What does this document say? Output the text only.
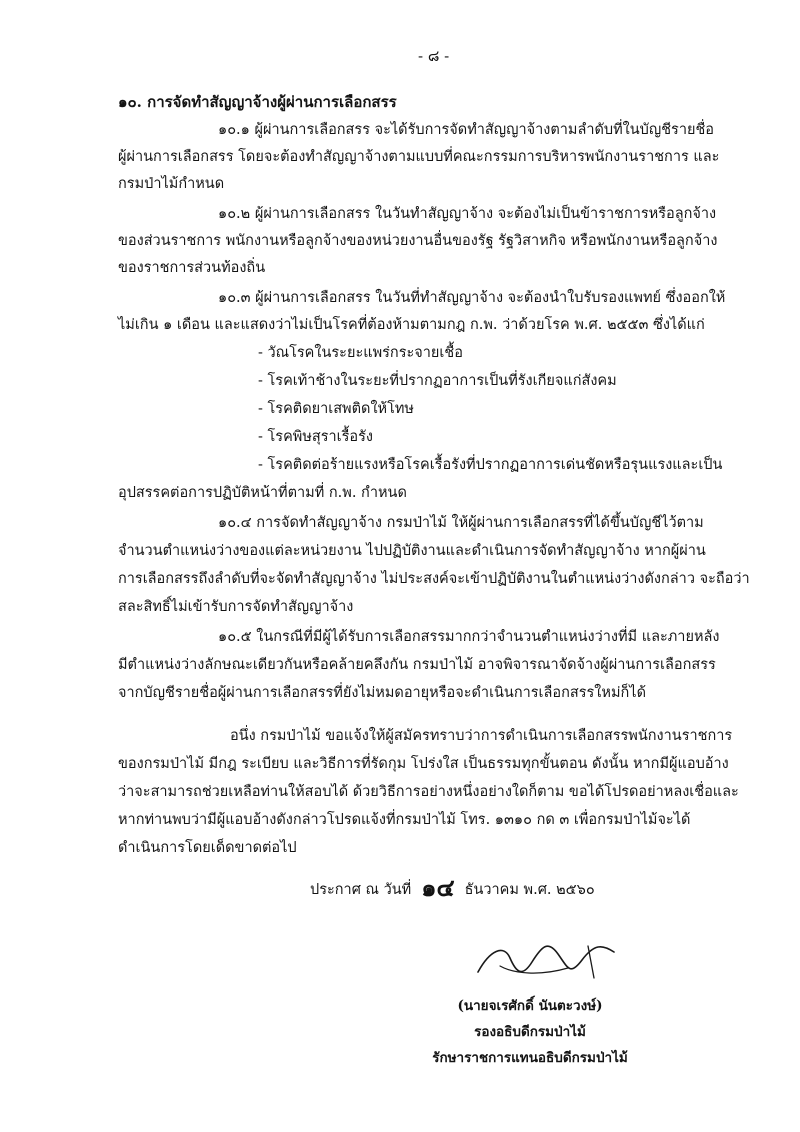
- ๘ -
๑๐. การจัดทำสัญญาจ้างผู้ผ่านการเลือกสรร
๑๐.๑ ผู้ผ่านการเลือกสรร จะได้รับการจัดทำสัญญาจ้างตามลำดับที่ในบัญชีรายชื่อ
ผู้ผ่านการเลือกสรร โดยจะต้องทำสัญญาจ้างตามแบบที่คณะกรรมการบริหารพนักงานราชการ และ
กรมป่าไม้กำหนด
๑๐.๒ ผู้ผ่านการเลือกสรร ในวันทำสัญญาจ้าง จะต้องไม่เป็นข้าราชการหรือลูกจ้าง
ของส่วนราชการ พนักงานหรือลูกจ้างของหน่วยงานอื่นของรัฐ รัฐวิสาหกิจ หรือพนักงานหรือลูกจ้าง
ของราชการส่วนท้องถิ่น
๑๐.๓ ผู้ผ่านการเลือกสรร ในวันที่ทำสัญญาจ้าง จะต้องนำใบรับรองแพทย์ ซึ่งออกให้
ไม่เกิน ๑ เดือน และแสดงว่าไม่เป็นโรคที่ต้องห้ามตามกฎ ก.พ. ว่าด้วยโรค พ.ศ. ๒๕๕๓ ซึ่งได้แก่
- วัณโรคในระยะแพร่กระจายเชื้อ
- โรคเท้าช้างในระยะที่ปรากฏอาการเป็นที่รังเกียจแก่สังคม
- โรคติดยาเสพติดให้โทษ
- โรคพิษสุราเรื้อรัง
- โรคติดต่อร้ายแรงหรือโรคเรื้อรังที่ปรากฏอาการเด่นชัดหรือรุนแรงและเป็น
อุปสรรคต่อการปฏิบัติหน้าที่ตามที่ ก.พ. กำหนด
๑๐.๔ การจัดทำสัญญาจ้าง กรมป่าไม้ ให้ผู้ผ่านการเลือกสรรที่ได้ขึ้นบัญชีไว้ตาม
จำนวนตำแหน่งว่างของแต่ละหน่วยงาน ไปปฏิบัติงานและดำเนินการจัดทำสัญญาจ้าง หากผู้ผ่าน
การเลือกสรรถึงลำดับที่จะจัดทำสัญญาจ้าง ไม่ประสงค์จะเข้าปฏิบัติงานในตำแหน่งว่างดังกล่าว จะถือว่า
สละสิทธิ์ไม่เข้ารับการจัดทำสัญญาจ้าง
๑๐.๕ ในกรณีที่มีผู้ได้รับการเลือกสรรมากกว่าจำนวนตำแหน่งว่างที่มี และภายหลัง
มีตำแหน่งว่างลักษณะเดียวกันหรือคล้ายคลึงกัน กรมป่าไม้ อาจพิจารณาจัดจ้างผู้ผ่านการเลือกสรร
จากบัญชีรายชื่อผู้ผ่านการเลือกสรรที่ยังไม่หมดอายุหรือจะดำเนินการเลือกสรรใหม่ก็ได้
อนึ่ง กรมป่าไม้ ขอแจ้งให้ผู้สมัครทราบว่าการดำเนินการเลือกสรรพนักงานราชการ
ของกรมป่าไม้ มีกฎ ระเบียบ และวิธีการที่รัดกุม โปร่งใส เป็นธรรมทุกขั้นตอน ดังนั้น หากมีผู้แอบอ้าง
ว่าจะสามารถช่วยเหลือท่านให้สอบได้ ด้วยวิธีการอย่างหนึ่งอย่างใดก็ตาม ขอได้โปรดอย่าหลงเชื่อและ
หากท่านพบว่ามีผู้แอบอ้างดังกล่าวโปรดแจ้งที่กรมป่าไม้ โทร. ๑๓๑๐ กด ๓ เพื่อกรมป่าไม้จะได้
ดำเนินการโดยเด็ดขาดต่อไป
ประกาศ ณ วันที่ ๑๔ ธันวาคม พ.ศ. ๒๕๖๐
(นายจเรศักดิ์ นันตะวงษ์)
รองอธิบดีกรมป่าไม้
รักษาราชการแทนอธิบดีกรมป่าไม้
